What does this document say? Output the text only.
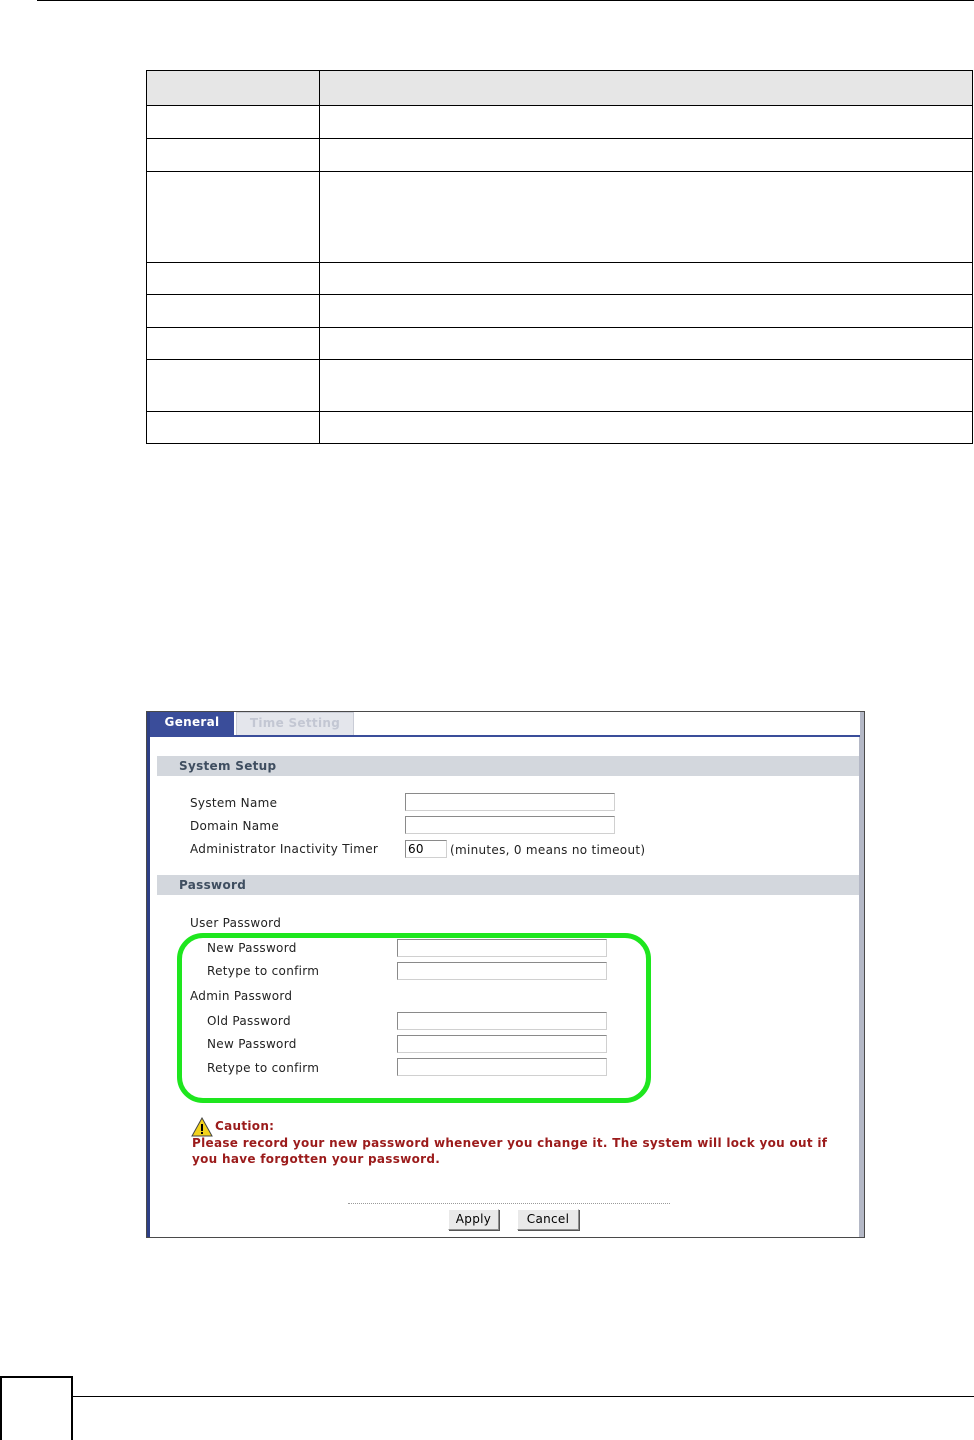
General	Time Setting
System Setup
System Name
Domain Name
Administrator Inactivity Timer 60	(minutes, 0 means no timeout)
Password
User Password
New Password
Retype to confirm
Admin Password
Old Password
New Password
Retype to confirm
Caution:
Please record your new password whenever you change it. The system will lock you out if you have forgotten your password.
Apply	Cancel
